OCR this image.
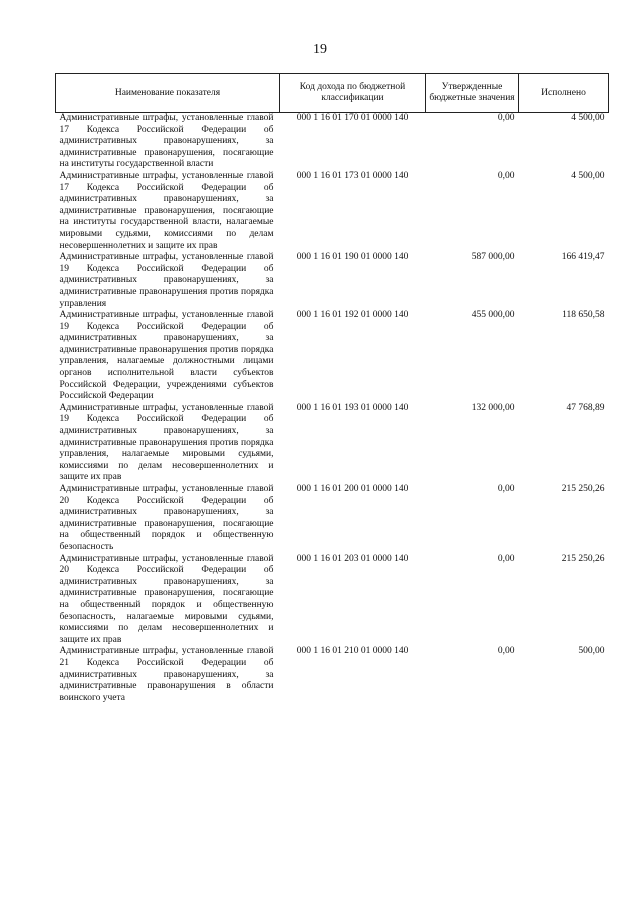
19
Наименование показателя	Код дохода по бюджетной классификации	Утвержденные бюджетные значения	Исполнено
Административные штрафы, установленные главой 17 Кодекса Российской Федерации об административных правонарушениях, за административные правонарушения, посягающие на институты государственной власти	000 1 16 01 170 01 0000 140	0,00	4 500,00
Административные штрафы, установленные главой 17 Кодекса Российской Федерации об административных правонарушениях, за административные правонарушения, посягающие на институты государственной власти, налагаемые мировыми судьями, комиссиями по делам несовершеннолетних и защите их прав	000 1 16 01 173 01 0000 140	0,00	4 500,00
Административные штрафы, установленные главой 19 Кодекса Российской Федерации об административных правонарушениях, за административные правонарушения против порядка управления	000 1 16 01 190 01 0000 140	587 000,00	166 419,47
Административные штрафы, установленные главой 19 Кодекса Российской Федерации об административных правонарушениях, за административные правонарушения против порядка управления, налагаемые должностными лицами органов исполнительной власти субъектов Российской Федерации, учреждениями субъектов Российской Федерации	000 1 16 01 192 01 0000 140	455 000,00	118 650,58
Административные штрафы, установленные главой 19 Кодекса Российской Федерации об административных правонарушениях, за административные правонарушения против порядка управления, налагаемые мировыми судьями, комиссиями по делам несовершеннолетних и защите их прав	000 1 16 01 193 01 0000 140	132 000,00	47 768,89
Административные штрафы, установленные главой 20 Кодекса Российской Федерации об административных правонарушениях, за административные правонарушения, посягающие на общественный порядок и общественную безопасность	000 1 16 01 200 01 0000 140	0,00	215 250,26
Административные штрафы, установленные главой 20 Кодекса Российской Федерации об административных правонарушениях, за административные правонарушения, посягающие на общественный порядок и общественную безопасность, налагаемые мировыми судьями, комиссиями по делам несовершеннолетних и защите их прав	000 1 16 01 203 01 0000 140	0,00	215 250,26
Административные штрафы, установленные главой 21 Кодекса Российской Федерации об административных правонарушениях, за административные правонарушения в области воинского учета	000 1 16 01 210 01 0000 140	0,00	500,00
